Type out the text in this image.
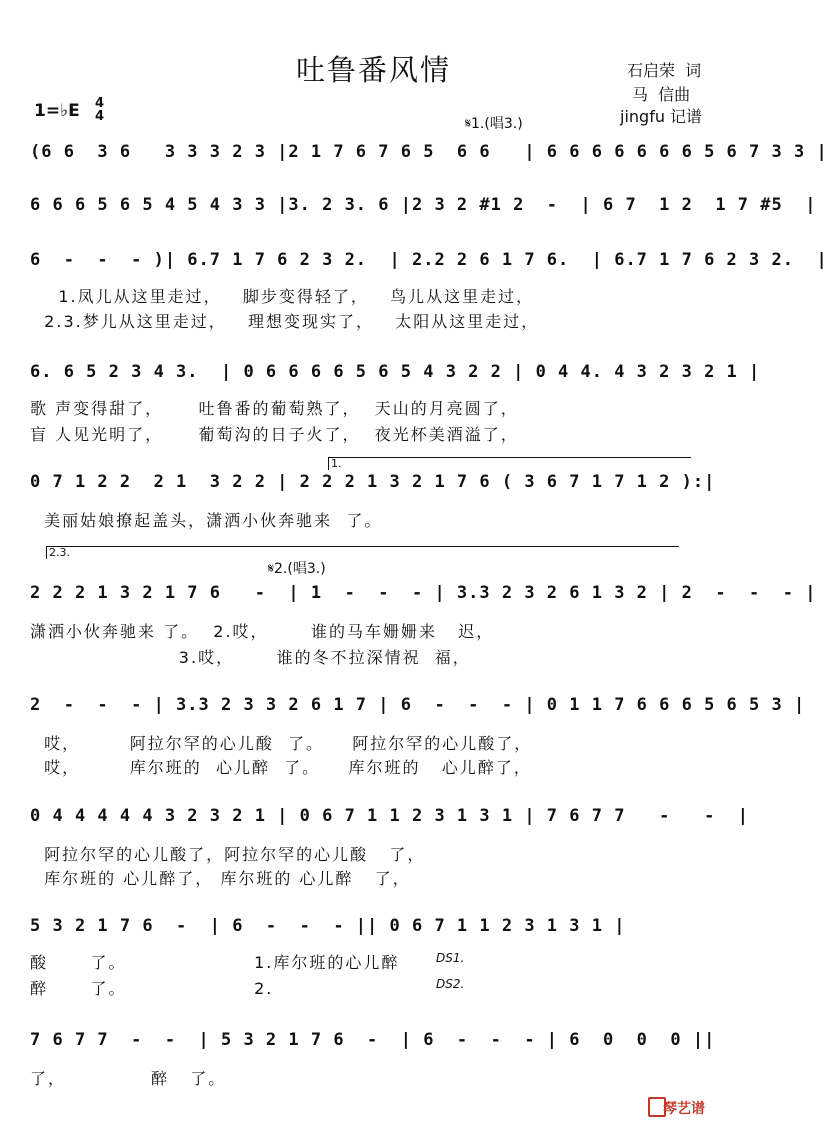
吐鲁番风情	石启荣  词
马  信曲
jingfu 记谱
1=♭E 4
4	𝄋1.(唱3.)
(6 6  3 6   3 3 3 2 3 |2 1 7 6 7 6 5  6 6   | 6 6 6 6 6 6 6 5 6 7 3 3 |
6 6 6 5 6 5 4 5 4 3 3 |3. 2 3. 6 |2 3 2 #1 2  -  | 6 7  1 2  1 7 #5  |
6  -  -  - )| 6.7 1 7 6 2 3 2.  | 2.2 2 6 1 7 6.  | 6.7 1 7 6 2 3 2.  |
1.凤儿从这里走过，   脚步变得轻了，   鸟儿从这里走过，
2.3.梦儿从这里走过，   理想变现实了，   太阳从这里走过，
6. 6 5 2 3 4 3.  | 0 6 6 6 6 5 6 5 4 3 2 2 | 0 4 4. 4 3 2 3 2 1 |
歌 声变得甜了，     吐鲁番的葡萄熟了，  天山的月亮圆了，
盲 人见光明了，     葡萄沟的日子火了，  夜光杯美酒溢了，
1.
0 7 1 2 2  2 1  3 2 2 | 2 2 2 1 3 2 1 7 6 ( 3 6 7 1 7 1 2 ):|
美丽姑娘撩起盖头，潇洒小伙奔驰来  了。
2.3.
𝄋2.(唱3.)
2 2 2 1 3 2 1 7 6   -  | 1  -  -  - | 3.3 2 3 2 6 1 3 2 | 2  -  -  - |
潇洒小伙奔驰来 了。  2.哎，      谁的马车姗姗来   迟，
3.哎，      谁的冬不拉深情祝  福，
2  -  -  - | 3.3 2 3 3 2 6 1 7 | 6  -  -  - | 0 1 1 7 6 6 6 5 6 5 3 |
哎，       阿拉尔罕的心儿酸  了。    阿拉尔罕的心儿酸了，
哎，       库尔班的  心儿醉  了。    库尔班的   心儿醉了，
0 4 4 4 4 4 3 2 3 2 1 | 0 6 7 1 1 2 3 1 3 1 | 7 6 7 7   -   -  |
阿拉尔罕的心儿酸了，阿拉尔罕的心儿酸   了，
库尔班的 心儿醉了， 库尔班的 心儿醉   了，
5 3 2 1 7 6  -  | 6  -  -  - || 0 6 7 1 1 2 3 1 3 1 |
酸      了。                  1.库尔班的心儿醉
醉      了。                  2.
DS1.
DS2.
7 6 7 7  -  -  | 5 3 2 1 7 6  -  | 6  -  -  - | 6  0  0  0 ||
了，            醉   了。
琴艺谱
